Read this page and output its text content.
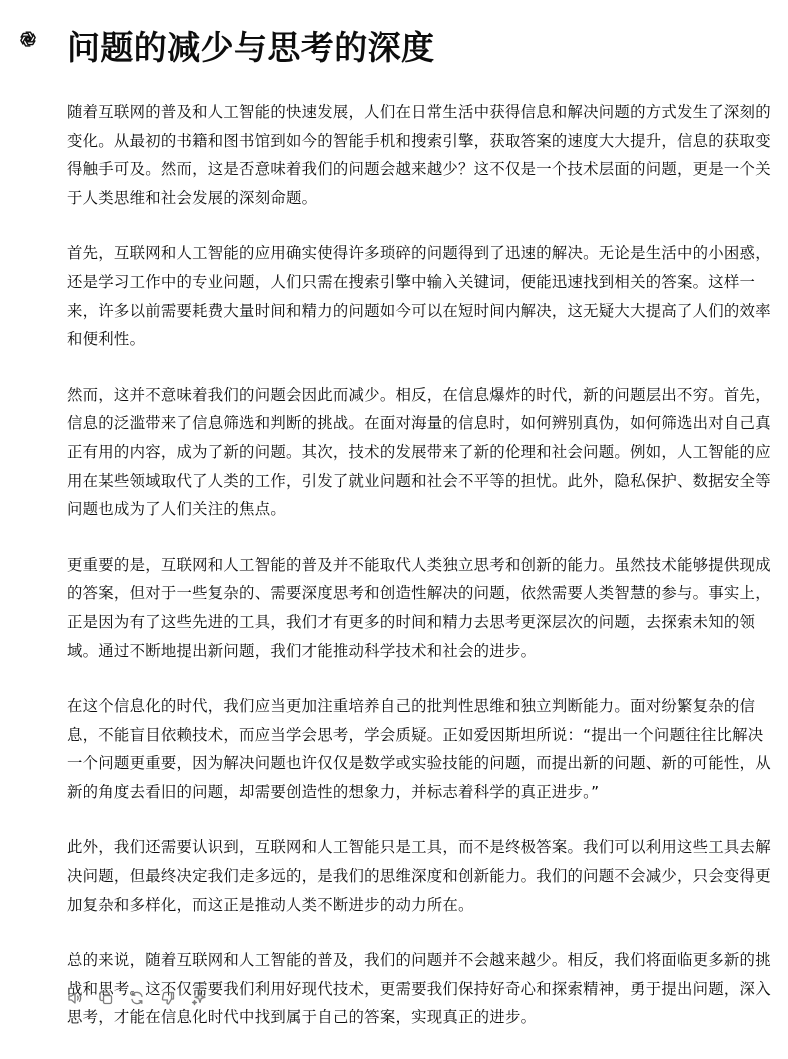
问题的减少与思考的深度

随着互联网的普及和人工智能的快速发展，人们在日常生活中获得信息和解决问题的方式发生了深刻的变化。从最初的书籍和图书馆到如今的智能手机和搜索引擎，获取答案的速度大大提升，信息的获取变得触手可及。然而，这是否意味着我们的问题会越来越少？这不仅是一个技术层面的问题，更是一个关于人类思维和社会发展的深刻命题。

首先，互联网和人工智能的应用确实使得许多琐碎的问题得到了迅速的解决。无论是生活中的小困惑，还是学习工作中的专业问题，人们只需在搜索引擎中输入关键词，便能迅速找到相关的答案。这样一来，许多以前需要耗费大量时间和精力的问题如今可以在短时间内解决，这无疑大大提高了人们的效率和便利性。

然而，这并不意味着我们的问题会因此而减少。相反，在信息爆炸的时代，新的问题层出不穷。首先，信息的泛滥带来了信息筛选和判断的挑战。在面对海量的信息时，如何辨别真伪，如何筛选出对自己真正有用的内容，成为了新的问题。其次，技术的发展带来了新的伦理和社会问题。例如，人工智能的应用在某些领域取代了人类的工作，引发了就业问题和社会不平等的担忧。此外，隐私保护、数据安全等问题也成为了人们关注的焦点。

更重要的是，互联网和人工智能的普及并不能取代人类独立思考和创新的能力。虽然技术能够提供现成的答案，但对于一些复杂的、需要深度思考和创造性解决的问题，依然需要人类智慧的参与。事实上，正是因为有了这些先进的工具，我们才有更多的时间和精力去思考更深层次的问题，去探索未知的领域。通过不断地提出新问题，我们才能推动科学技术和社会的进步。

在这个信息化的时代，我们应当更加注重培养自己的批判性思维和独立判断能力。面对纷繁复杂的信息，不能盲目依赖技术，而应当学会思考，学会质疑。正如爱因斯坦所说：“提出一个问题往往比解决一个问题更重要，因为解决问题也许仅仅是数学或实验技能的问题，而提出新的问题、新的可能性，从新的角度去看旧的问题，却需要创造性的想象力，并标志着科学的真正进步。”

此外，我们还需要认识到，互联网和人工智能只是工具，而不是终极答案。我们可以利用这些工具去解决问题，但最终决定我们走多远的，是我们的思维深度和创新能力。我们的问题不会减少，只会变得更加复杂和多样化，而这正是推动人类不断进步的动力所在。

总的来说，随着互联网和人工智能的普及，我们的问题并不会越来越少。相反，我们将面临更多新的挑战和思考。这不仅需要我们利用好现代技术，更需要我们保持好奇心和探索精神，勇于提出问题，深入思考，才能在信息化时代中找到属于自己的答案，实现真正的进步。
